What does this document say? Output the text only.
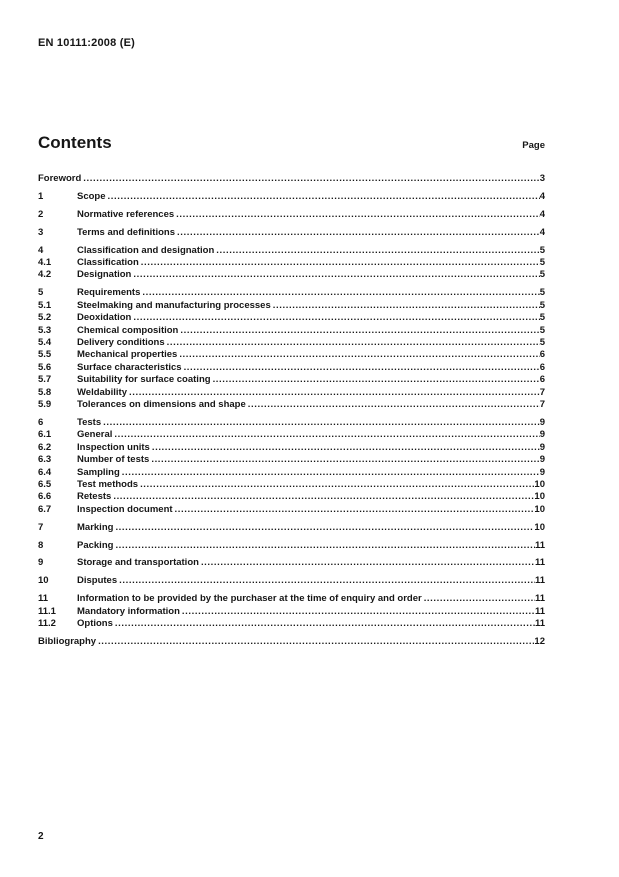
EN 10111:2008 (E)
Contents	Page
Foreword .....	3
1	Scope .....	4
2	Normative references .....	4
3	Terms and definitions .....	4
4	Classification and designation .....	5
4.1	Classification .....	5
4.2	Designation .....	5
5	Requirements .....	5
5.1	Steelmaking and manufacturing processes .....	5
5.2	Deoxidation .....	5
5.3	Chemical composition .....	5
5.4	Delivery conditions .....	5
5.5	Mechanical properties .....	6
5.6	Surface characteristics .....	6
5.7	Suitability for surface coating .....	6
5.8	Weldability .....	7
5.9	Tolerances on dimensions and shape .....	7
6	Tests .....	9
6.1	General .....	9
6.2	Inspection units .....	9
6.3	Number of tests .....	9
6.4	Sampling .....	9
6.5	Test methods .....	10
6.6	Retests .....	10
6.7	Inspection document .....	10
7	Marking .....	10
8	Packing .....	11
9	Storage and transportation .....	11
10	Disputes .....	11
11	Information to be provided by the purchaser at the time of enquiry and order .....	11
11.1	Mandatory information .....	11
11.2	Options .....	11
Bibliography .....	12
2
